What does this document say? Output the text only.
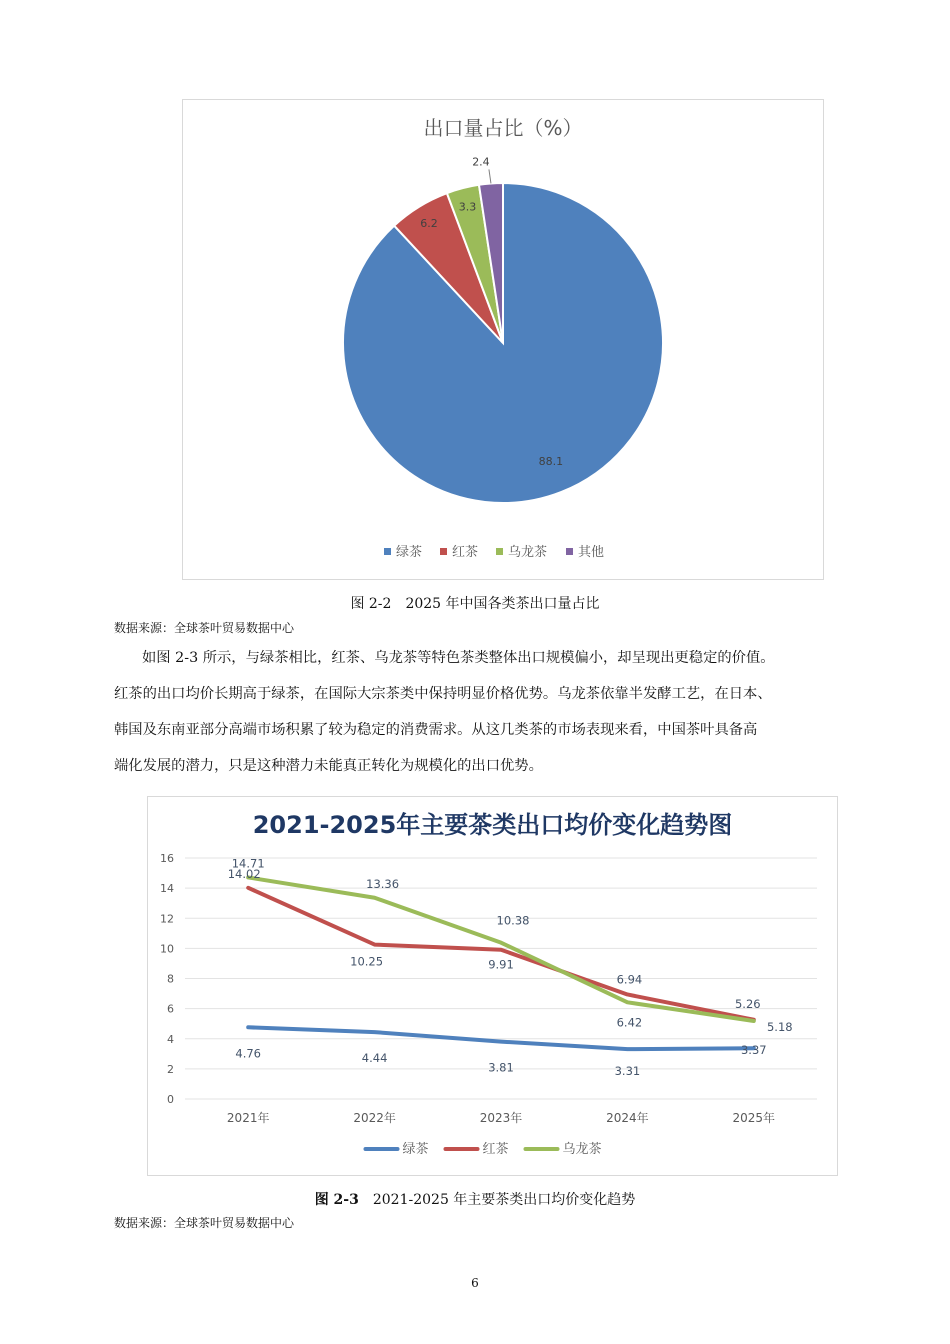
出口量占比（%）
88.1
6.2
3.3
2.4
绿茶 红茶 乌龙茶 其他
图 2-2　2025 年中国各类茶出口量占比
数据来源：全球茶叶贸易数据中心

如图 2-3 所示，与绿茶相比，红茶、乌龙茶等特色茶类整体出口规模偏小，却呈现出更稳定的价值。
红茶的出口均价长期高于绿茶，在国际大宗茶类中保持明显价格优势。乌龙茶依靠半发酵工艺，在日本、
韩国及东南亚部分高端市场积累了较为稳定的消费需求。从这几类茶的市场表现来看，中国茶叶具备高
端化发展的潜力，只是这种潜力未能真正转化为规模化的出口优势。

2021-2025年主要茶类出口均价变化趋势图
0
2
4
6
8
10
12
14
16
2021年	2022年	2023年	2024年	2025年
4.76	4.44
3.81	3.31
3.37
14.02
10.25	9.91
6.94
5.26
14.71
13.36
10.38
6.42	5.18
绿茶	红茶	乌龙茶
图 2-3　2021-2025 年主要茶类出口均价变化趋势
数据来源：全球茶叶贸易数据中心
6
